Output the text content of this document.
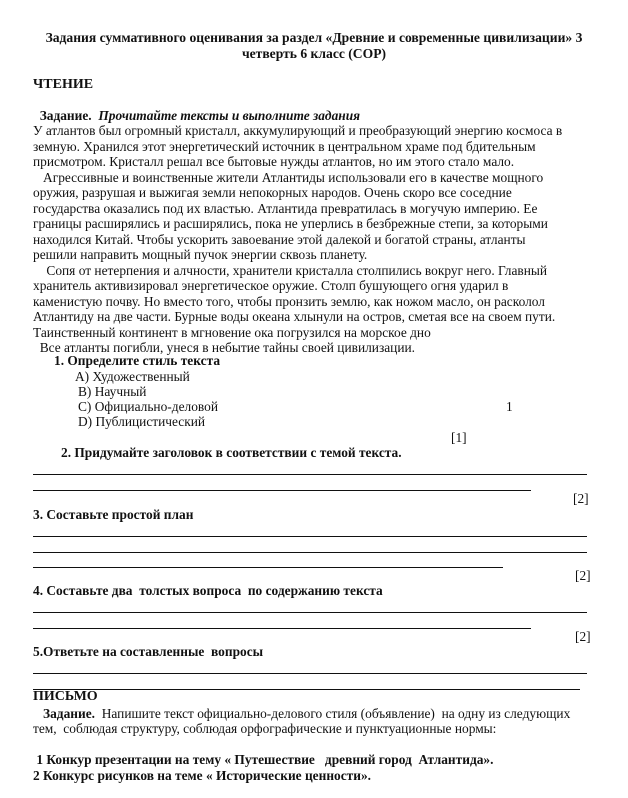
Задания суммативного оценивания за раздел «Древние и современные цивилизации» 3
четверть 6 класс (СОР)
ЧТЕНИЕ

Задание. Прочитайте тексты и выполните задания

У атлантов был огромный кристалл, аккумулирующий и преобразующий энергию космоса в
земную. Хранился этот энергетический источник в центральном храме под бдительным
присмотром. Кристалл решал все бытовые нужды атлантов, но им этого стало мало.
Агрессивные и воинственные жители Атлантиды использовали его в качестве мощного
оружия, разрушая и выжигая земли непокорных народов. Очень скоро все соседние
государства оказались под их властью. Атлантида превратилась в могучую империю. Ее
границы расширялись и расширялись, пока не уперлись в безбрежные степи, за которыми
находился Китай. Чтобы ускорить завоевание этой далекой и богатой страны, атланты
решили направить мощный пучок энергии сквозь планету.
Сопя от нетерпения и алчности, хранители кристалла столпились вокруг него. Главный
хранитель активизировал энергетическое оружие. Столп бушующего огня ударил в
каменистую почву. Но вместо того, чтобы пронзить землю, как ножом масло, он расколол
Атлантиду на две части. Бурные воды океана хлынули на остров, сметая все на своем пути.
Таинственный континент в мгновение ока погрузился на морское дно
Все атланты погибли, унеся в небытие тайны своей цивилизации.
1. Определите стиль текста
A) Художественный
B) Научный
C) Официально-деловой
D) Публицистический
1
[1]
2. Придумайте заголовок в соответствии с темой текста.
[2]
3. Составьте простой план
[2]
4. Составьте два  толстых вопроса  по содержанию текста
[2]
5.Ответьте на составленные  вопросы
ПИСЬМО
Задание. Напишите текст официально-делового стиля (объявление)  на одну из следующих
тем,  соблюдая структуру, соблюдая орфографические и пунктуационные нормы:
1 Конкур презентации на тему « Путешествие   древний город  Атлантида».
2 Конкурс рисунков на теме « Исторические ценности».
